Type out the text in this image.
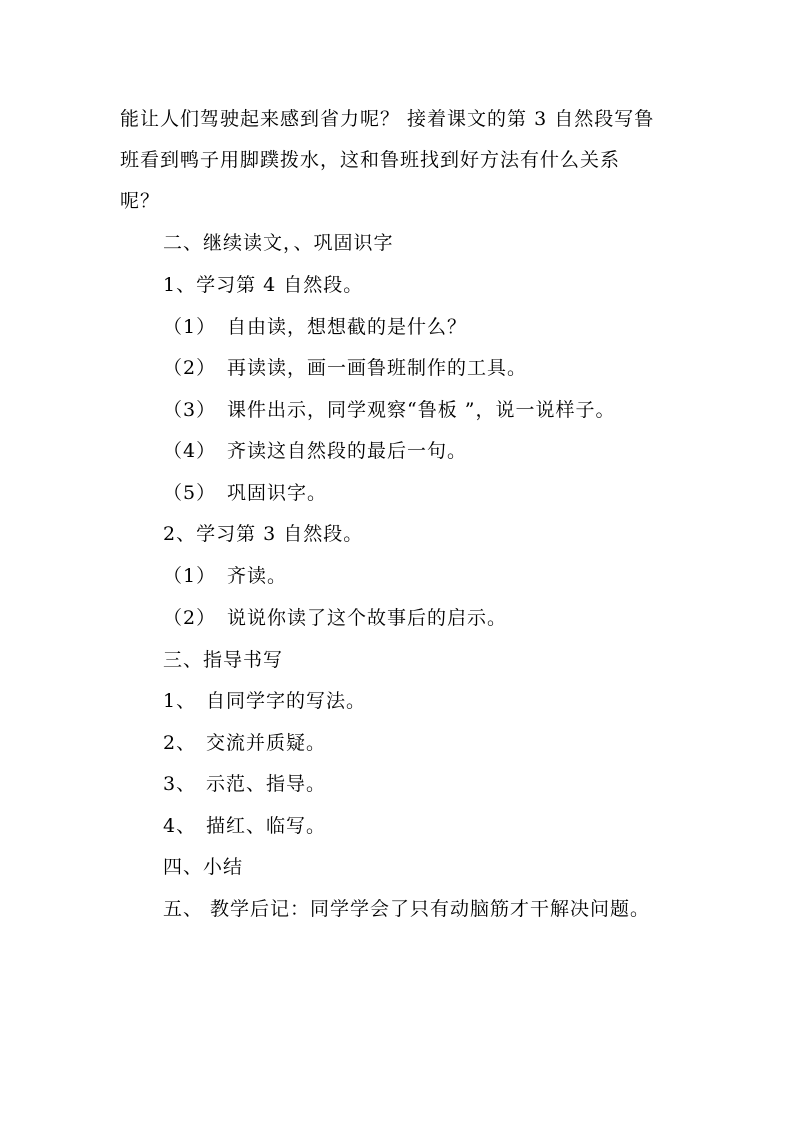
能让人们驾驶起来感到省力呢？ 接着课文的第 3 自然段写鲁
班看到鸭子用脚蹼拨水，这和鲁班找到好方法有什么关系
呢？
二、继续读文，、巩固识字
1、学习第 4 自然段。
（1） 自由读，想想截的是什么？
（2） 再读读，画一画鲁班制作的工具。
（3） 课件出示，同学观察“鲁板 ”，说一说样子。
（4） 齐读这自然段的最后一句。
（5） 巩固识字。
2、学习第 3 自然段。
（1） 齐读。
（2） 说说你读了这个故事后的启示。
三、指导书写
1、 自同学字的写法。
2、 交流并质疑。
3、 示范、指导。
4、 描红、临写。
四、小结
五、 教学后记：同学学会了只有动脑筋才干解决问题。
